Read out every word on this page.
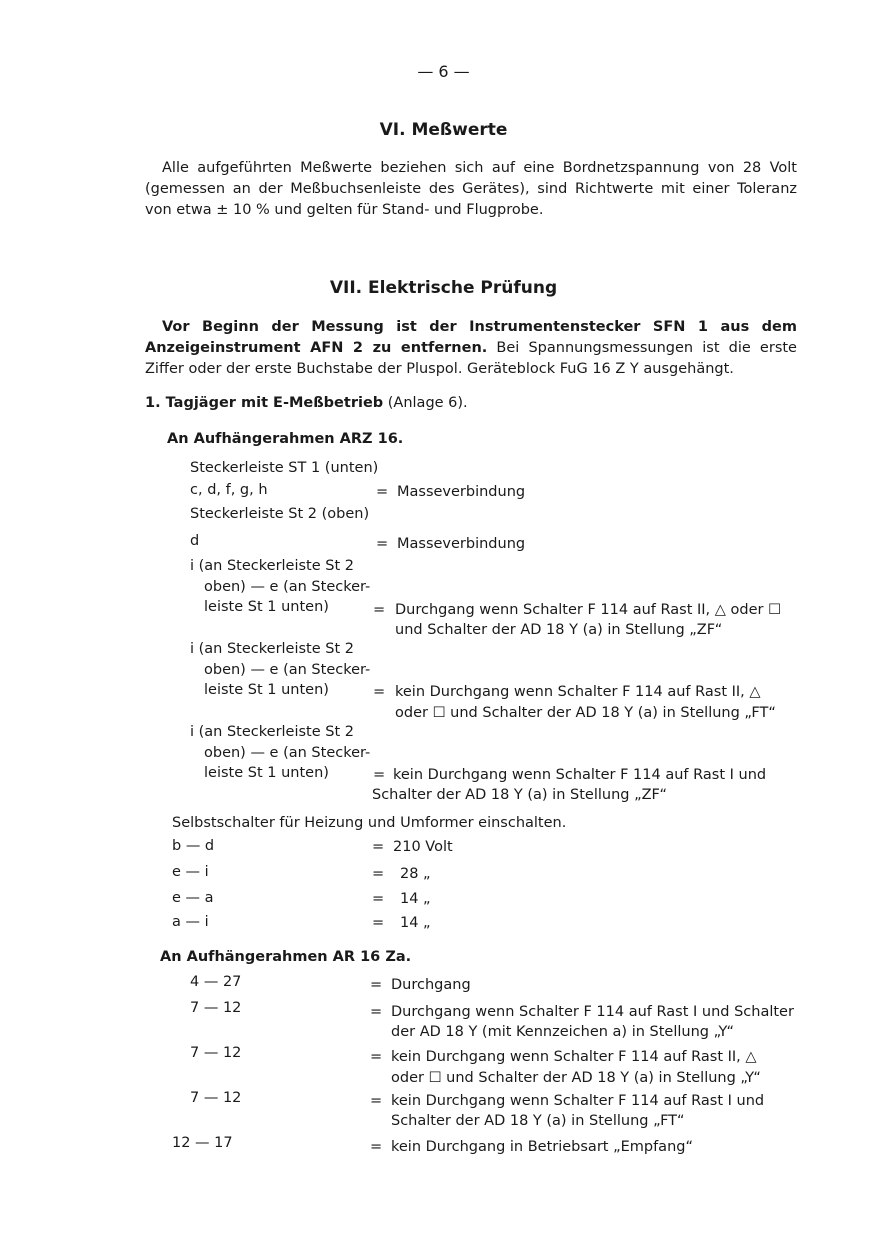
— 6 —
VI. Meßwerte
Alle aufgeführten Meßwerte beziehen sich auf eine Bordnetzspannung von 28 Volt (gemessen an der Meßbuchsenleiste des Gerätes), sind Richtwerte mit einer Toleranz von etwa ± 10 % und gelten für Stand- und Flugprobe.
VII. Elektrische Prüfung
Vor Beginn der Messung ist der Instrumentenstecker SFN 1 aus dem Anzeigeinstrument AFN 2 zu entfernen. Bei Spannungsmessungen ist die erste Ziffer oder der erste Buchstabe der Pluspol. Geräteblock FuG 16 Z Y ausgehängt.
1. Tagjäger mit E-Meßbetrieb (Anlage 6).
An Aufhängerahmen ARZ 16.
Steckerleiste ST 1 (unten)
c, d, f, g, h	= Masseverbindung
Steckerleiste St 2 (oben)
d	= Masseverbindung
i (an Steckerleiste St 2
oben) — e (an Stecker-
leiste St 1 unten)	= Durchgang wenn Schalter F 114 auf Rast II, △ oder ☐
und Schalter der AD 18 Y (a) in Stellung „ZF“
i (an Steckerleiste St 2
oben) — e (an Stecker-
leiste St 1 unten)	= kein Durchgang wenn Schalter F 114 auf Rast II, △
oder ☐ und Schalter der AD 18 Y (a) in Stellung „FT“
i (an Steckerleiste St 2
oben) — e (an Stecker-
leiste St 1 unten)	= kein Durchgang wenn Schalter F 114 auf Rast I und
Schalter der AD 18 Y (a) in Stellung „ZF“
Selbstschalter für Heizung und Umformer einschalten.
b — d	= 210 Volt
e — i	= 28 „
e — a	= 14 „
a — i	= 14 „
An Aufhängerahmen AR 16 Za.
4 — 27	= Durchgang
7 — 12	= Durchgang wenn Schalter F 114 auf Rast I und Schalter
der AD 18 Y (mit Kennzeichen a) in Stellung „Y“
7 — 12	= kein Durchgang wenn Schalter F 114 auf Rast II, △
oder ☐ und Schalter der AD 18 Y (a) in Stellung „Y“
7 — 12	= kein Durchgang wenn Schalter F 114 auf Rast I und
Schalter der AD 18 Y (a) in Stellung „FT“
12 — 17	= kein Durchgang in Betriebsart „Empfang“
